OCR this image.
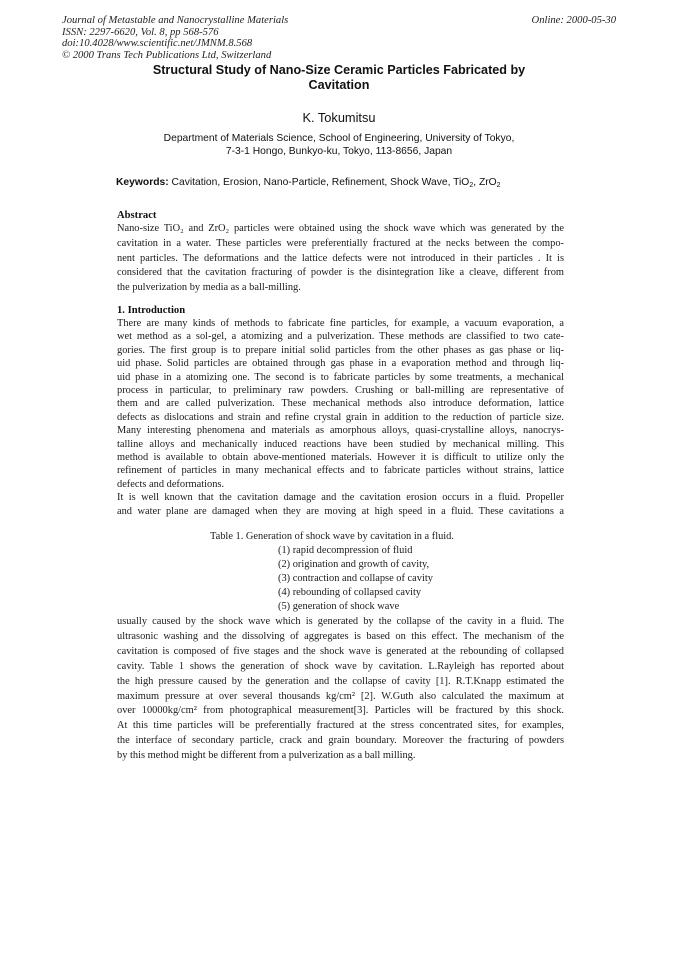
Journal of Metastable and Nanocrystalline Materials
ISSN: 2297-6620, Vol. 8, pp 568-576
doi:10.4028/www.scientific.net/JMNM.8.568
© 2000 Trans Tech Publications Ltd, Switzerland
Online: 2000-05-30
Structural Study of Nano-Size Ceramic Particles Fabricated by
Cavitation
K. Tokumitsu
Department of Materials Science, School of Engineering, University of Tokyo,
7-3-1 Hongo, Bunkyo-ku, Tokyo, 113-8656, Japan
Keywords: Cavitation, Erosion, Nano-Particle, Refinement, Shock Wave, TiO$_2$, ZrO$_2$
Abstract
Nano-size TiO₂ and ZrO₂ particles were obtained using the shock wave which was generated by the
cavitation in a water. These particles were preferentially fractured at the necks between the compo-
nent particles. The deformations and the lattice defects were not introduced in their particles . It is
considered that the cavitation fracturing of powder is the disintegration like a cleave, different from
the pulverization by media as a ball-milling.
1. Introduction
There are many kinds of methods to fabricate fine particles, for example, a vacuum evaporation, a
wet method as a sol-gel, a atomizing and a pulverization. These methods are classified to two cate-
gories. The first group is to prepare initial solid particles from the other phases as gas phase or liq-
uid phase. Solid particles are obtained through gas phase in a evaporation method and through liq-
uid phase in a atomizing one. The second is to fabricate particles by some treatments, a mechanical
process in particular, to preliminary raw powders. Crushing or ball-milling are representative of
them and are called pulverization. These mechanical methods also introduce deformation, lattice
defects as dislocations and strain and refine crystal grain in addition to the reduction of particle size.
Many interesting phenomena and materials as amorphous alloys, quasi-crystalline alloys, nanocrys-
talline alloys and mechanically induced reactions have been studied by mechanical milling. This
method is available to obtain above-mentioned materials. However it is difficult to utilize only the
refinement of particles in many mechanical effects and to fabricate particles without strains, lattice
defects and deformations.
It is well known that the cavitation damage and the cavitation erosion occurs in a fluid. Propeller
and water plane are damaged when they are moving at high speed in a fluid. These cavitations a
Table 1. Generation of shock wave by cavitation in a fluid.
(1) rapid decompression of fluid
(2) origination and growth of cavity,
(3) contraction and collapse of cavity
(4) rebounding of collapsed cavity
(5) generation of shock wave
usually caused by the shock wave which is generated by the collapse of the cavity in a fluid. The
ultrasonic washing and the dissolving of aggregates is based on this effect. The mechanism of the
cavitation is composed of five stages and the shock wave is generated at the rebounding of collapsed
cavity. Table 1 shows the generation of shock wave by cavitation. L.Rayleigh has reported about
the high pressure caused by the generation and the collapse of cavity [1]. R.T.Knapp estimated the
maximum pressure at over several thousands kg/cm² [2]. W.Guth also calculated the maximum at
over 10000kg/cm² from photographical measurement[3]. Particles will be fractured by this shock.
At this time particles will be preferentially fractured at the stress concentrated sites, for examples,
the interface of secondary particle, crack and grain boundary. Moreover the fracturing of powders
by this method might be different from a pulverization as a ball milling.
